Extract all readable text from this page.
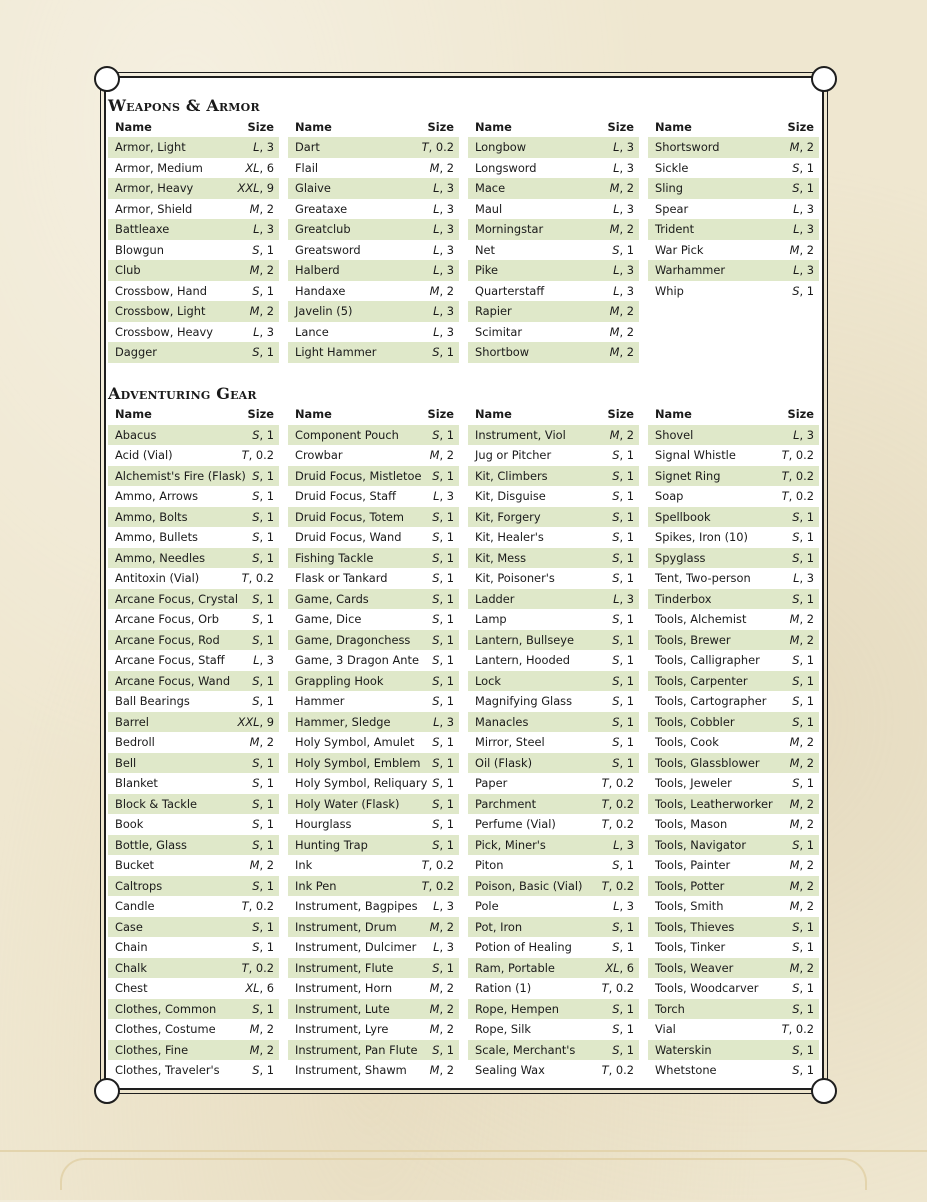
Weapons & Armor
Name	Size
Armor, Light	L, 3
Armor, Medium	XL, 6
Armor, Heavy	XXL, 9
Armor, Shield	M, 2
Battleaxe	L, 3
Blowgun	S, 1
Club	M, 2
Crossbow, Hand	S, 1
Crossbow, Light	M, 2
Crossbow, Heavy	L, 3
Dagger	S, 1
Name	Size
Dart	T, 0.2
Flail	M, 2
Glaive	L, 3
Greataxe	L, 3
Greatclub	L, 3
Greatsword	L, 3
Halberd	L, 3
Handaxe	M, 2
Javelin (5)	L, 3
Lance	L, 3
Light Hammer	S, 1
Name	Size
Longbow	L, 3
Longsword	L, 3
Mace	M, 2
Maul	L, 3
Morningstar	M, 2
Net	S, 1
Pike	L, 3
Quarterstaff	L, 3
Rapier	M, 2
Scimitar	M, 2
Shortbow	M, 2
Name	Size
Shortsword	M, 2
Sickle	S, 1
Sling	S, 1
Spear	L, 3
Trident	L, 3
War Pick	M, 2
Warhammer	L, 3
Whip	S, 1
Adventuring Gear
Name	Size
Abacus	S, 1
Acid (Vial)	T, 0.2
Alchemist's Fire (Flask) S, 1
Ammo, Arrows	S, 1
Ammo, Bolts	S, 1
Ammo, Bullets	S, 1
Ammo, Needles	S, 1
Antitoxin (Vial)	T, 0.2
Arcane Focus, Crystal S, 1
Arcane Focus, Orb	S, 1
Arcane Focus, Rod	S, 1
Arcane Focus, Staff	L, 3
Arcane Focus, Wand S, 1
Ball Bearings	S, 1
Barrel	XXL, 9
Bedroll	M, 2
Bell	S, 1
Blanket	S, 1
Block & Tackle	S, 1
Book	S, 1
Bottle, Glass	S, 1
Bucket	M, 2
Caltrops	S, 1
Candle	T, 0.2
Case	S, 1
Chain	S, 1
Chalk	T, 0.2
Chest	XL, 6
Clothes, Common	S, 1
Clothes, Costume	M, 2
Clothes, Fine	M, 2
Clothes, Traveler's	S, 1
Name	Size
Component Pouch	S, 1
Crowbar	M, 2
Druid Focus, Mistletoe S, 1
Druid Focus, Staff	L, 3
Druid Focus, Totem S, 1
Druid Focus, Wand	S, 1
Fishing Tackle	S, 1
Flask or Tankard	S, 1
Game, Cards	S, 1
Game, Dice	S, 1
Game, Dragonchess S, 1
Game, 3 Dragon Ante S, 1
Grappling Hook	S, 1
Hammer	S, 1
Hammer, Sledge	L, 3
Holy Symbol, Amulet S, 1
Holy Symbol, Emblem S, 1
Holy Symbol, Reliquary S, 1
Holy Water (Flask)	S, 1
Hourglass	S, 1
Hunting Trap	S, 1
Ink	T, 0.2
Ink Pen	T, 0.2
Instrument, Bagpipes L, 3
Instrument, Drum	M, 2
Instrument, Dulcimer L, 3
Instrument, Flute	S, 1
Instrument, Horn	M, 2
Instrument, Lute	M, 2
Instrument, Lyre	M, 2
Instrument, Pan Flute S, 1
Instrument, Shawm M, 2
Name	Size
Instrument, Viol	M, 2
Jug or Pitcher	S, 1
Kit, Climbers	S, 1
Kit, Disguise	S, 1
Kit, Forgery	S, 1
Kit, Healer's	S, 1
Kit, Mess	S, 1
Kit, Poisoner's	S, 1
Ladder	L, 3
Lamp	S, 1
Lantern, Bullseye	S, 1
Lantern, Hooded	S, 1
Lock	S, 1
Magnifying Glass	S, 1
Manacles	S, 1
Mirror, Steel	S, 1
Oil (Flask)	S, 1
Paper	T, 0.2
Parchment	T, 0.2
Perfume (Vial)	T, 0.2
Pick, Miner's	L, 3
Piton	S, 1
Poison, Basic (Vial) T, 0.2
Pole	L, 3
Pot, Iron	S, 1
Potion of Healing	S, 1
Ram, Portable	XL, 6
Ration (1)	T, 0.2
Rope, Hempen	S, 1
Rope, Silk	S, 1
Scale, Merchant's	S, 1
Sealing Wax	T, 0.2
Name	Size
Shovel	L, 3
Signal Whistle	T, 0.2
Signet Ring	T, 0.2
Soap	T, 0.2
Spellbook	S, 1
Spikes, Iron (10)	S, 1
Spyglass	S, 1
Tent, Two-person	L, 3
Tinderbox	S, 1
Tools, Alchemist	M, 2
Tools, Brewer	M, 2
Tools, Calligrapher	S, 1
Tools, Carpenter	S, 1
Tools, Cartographer S, 1
Tools, Cobbler	S, 1
Tools, Cook	M, 2
Tools, Glassblower	M, 2
Tools, Jeweler	S, 1
Tools, Leatherworker M, 2
Tools, Mason	M, 2
Tools, Navigator	S, 1
Tools, Painter	M, 2
Tools, Potter	M, 2
Tools, Smith	M, 2
Tools, Thieves	S, 1
Tools, Tinker	S, 1
Tools, Weaver	M, 2
Tools, Woodcarver	S, 1
Torch	S, 1
Vial	T, 0.2
Waterskin	S, 1
Whetstone	S, 1
